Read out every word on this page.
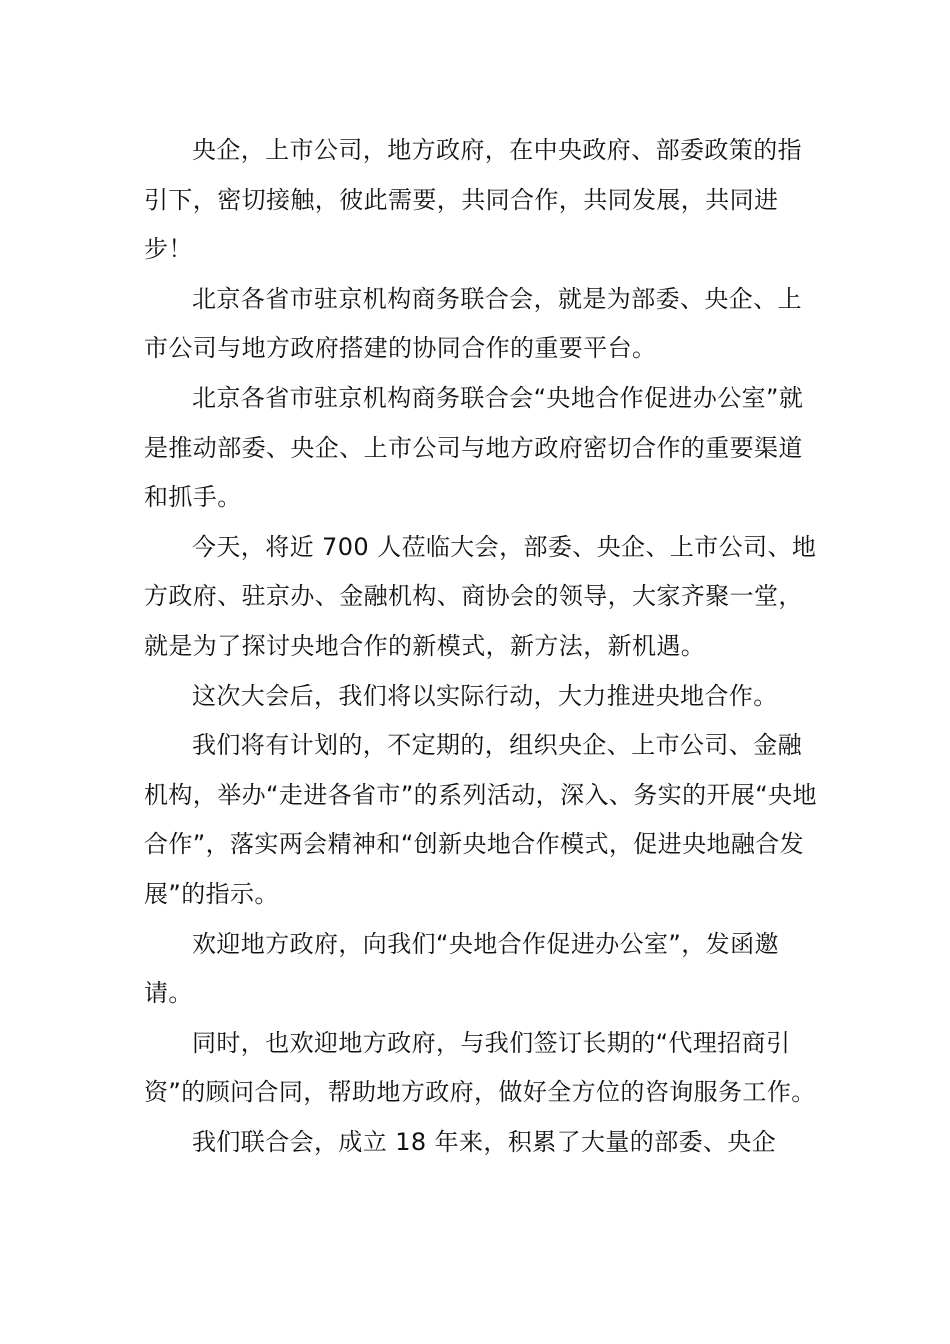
央企，上市公司，地方政府，在中央政府、部委政策的指引下，密切接触，彼此需要，共同合作，共同发展，共同进步！

北京各省市驻京机构商务联合会，就是为部委、央企、上市公司与地方政府搭建的协同合作的重要平台。

北京各省市驻京机构商务联合会“央地合作促进办公室”就是推动部委、央企、上市公司与地方政府密切合作的重要渠道和抓手。

今天，将近 700 人莅临大会，部委、央企、上市公司、地方政府、驻京办、金融机构、商协会的领导，大家齐聚一堂，就是为了探讨央地合作的新模式，新方法，新机遇。

这次大会后，我们将以实际行动，大力推进央地合作。

我们将有计划的，不定期的，组织央企、上市公司、金融机构，举办“走进各省市”的系列活动，深入、务实的开展“央地合作”，落实两会精神和“创新央地合作模式，促进央地融合发展”的指示。

欢迎地方政府，向我们“央地合作促进办公室”，发函邀请。

同时，也欢迎地方政府，与我们签订长期的“代理招商引资”的顾问合同，帮助地方政府，做好全方位的咨询服务工作。

我们联合会，成立 18 年来，积累了大量的部委、央企
